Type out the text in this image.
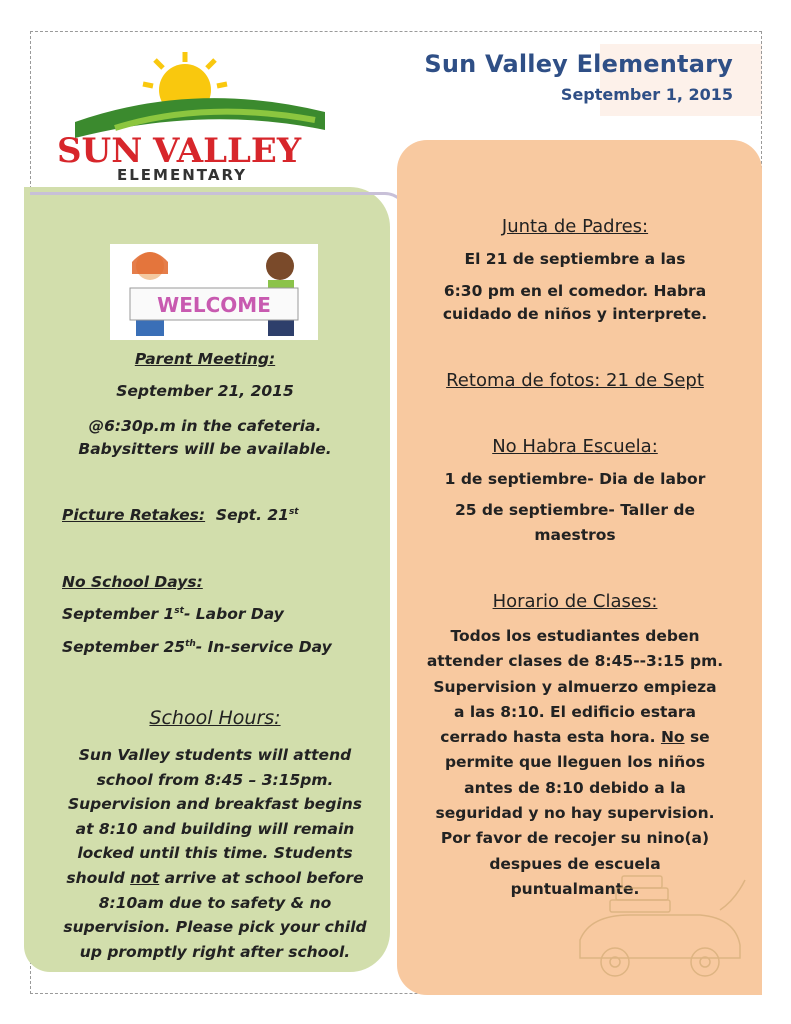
Sun Valley Elementary
September 1, 2015
SUN VALLEY
ELEMENTARY
WELCOME
Parent Meeting:
September 21, 2015
@6:30p.m in the cafeteria.
Babysitters will be available.
Picture Retakes: Sept. 21st
No School Days:
September 1st- Labor Day
September 25th- In-service Day
School Hours:
Sun Valley students will attend
school from 8:45 – 3:15pm.
Supervision and breakfast begins
at 8:10 and building will remain
locked until this time. Students
should not arrive at school before
8:10am due to safety & no
supervision. Please pick your child
up promptly right after school.
Junta de Padres:
El 21 de septiembre a las
6:30 pm en el comedor. Habra
cuidado de niños y interprete.
Retoma de fotos: 21 de Sept
No Habra Escuela:
1 de septiembre- Dia de labor
25 de septiembre- Taller de
maestros
Horario de Clases:
Todos los estudiantes deben
attender clases de 8:45--3:15 pm.
Supervision y almuerzo empieza
a las 8:10. El edificio estara
cerrado hasta esta hora. No se
permite que lleguen los niños
antes de 8:10 debido a la
seguridad y no hay supervision.
Por favor de recojer su nino(a)
despues de escuela
puntualmante.
